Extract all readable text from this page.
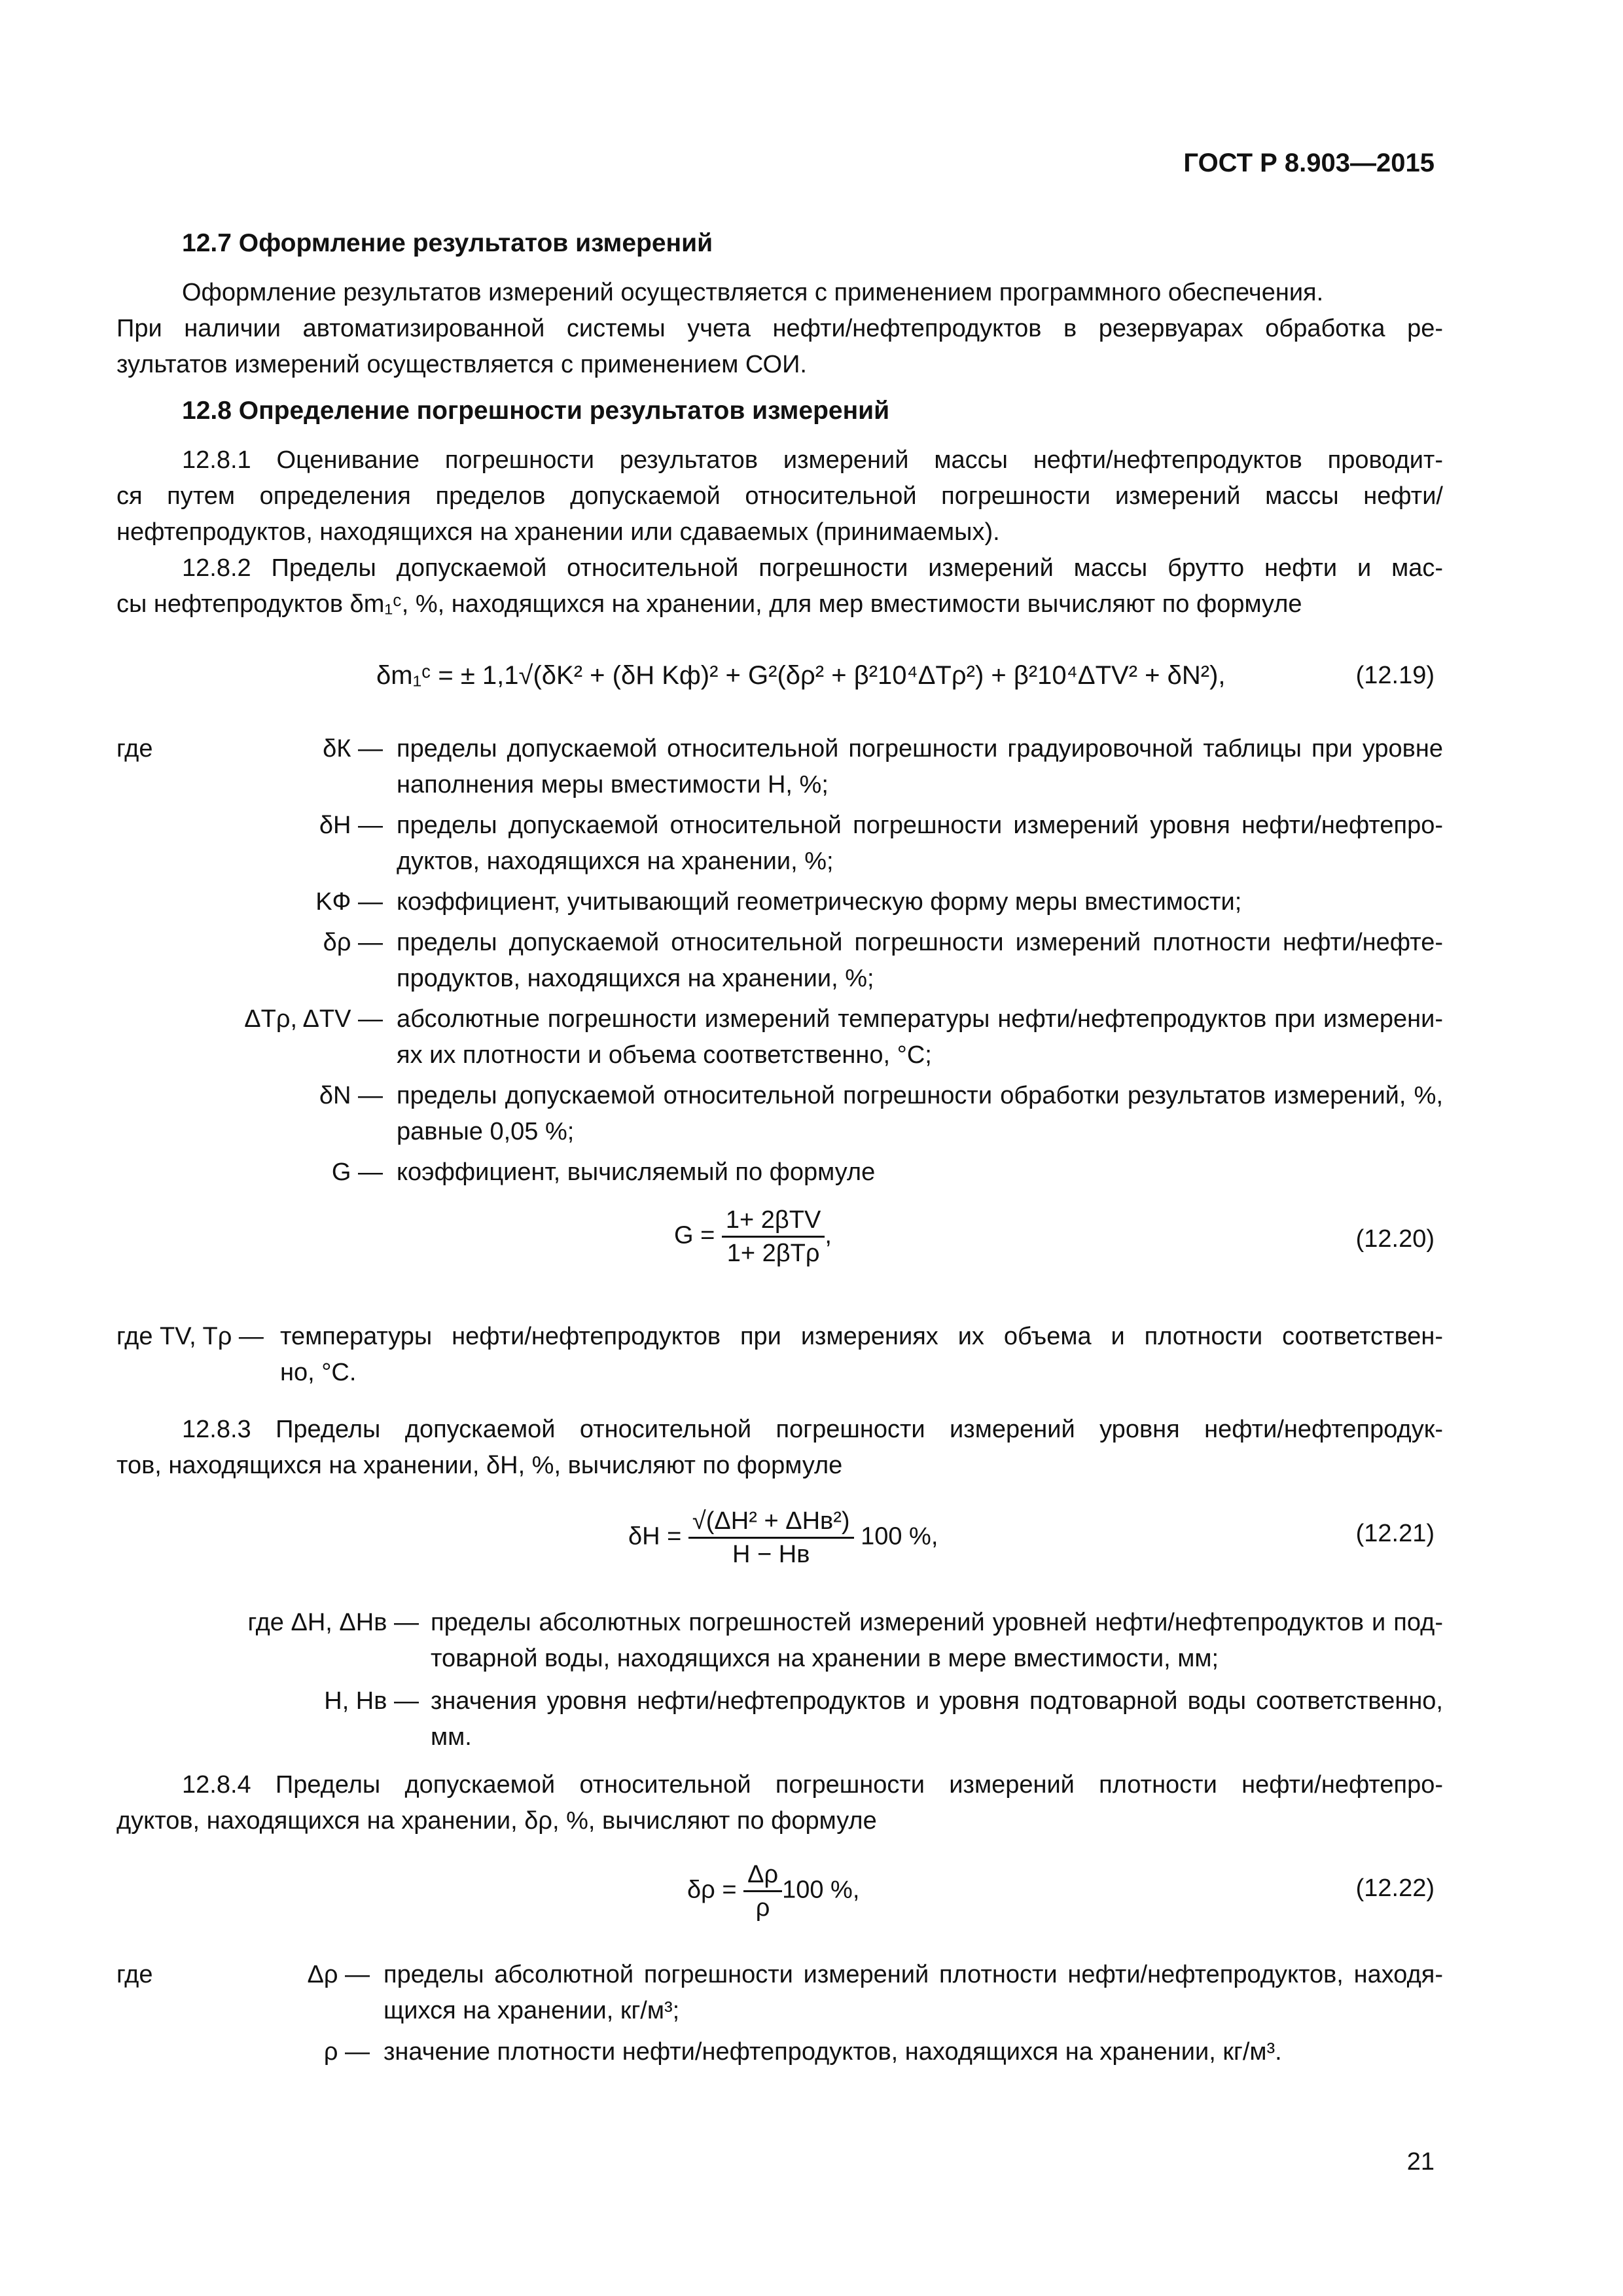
ГОСТ Р 8.903—2015
12.7 Оформление результатов измерений
Оформление результатов измерений осуществляется с применением программного обеспечения.
При наличии автоматизированной системы учета нефти/нефтепродуктов в резервуарах обработка ре-
зультатов измерений осуществляется с применением СОИ.
12.8 Определение погрешности результатов измерений
12.8.1 Оценивание погрешности результатов измерений массы нефти/нефтепродуктов проводит-
ся путем определения пределов допускаемой относительной погрешности измерений массы нефти/
нефтепродуктов, находящихся на хранении или сдаваемых (принимаемых).
12.8.2 Пределы допускаемой относительной погрешности измерений массы брутто нефти и мас-
сы нефтепродуктов δm₁ᶜ, %, находящихся на хранении, для мер вместимости вычисляют по формуле
δm₁ᶜ = ± 1,1√(δK² + (δН Kф)² + G²(δρ² + β²10⁴ΔTρ²) + β²10⁴ΔTV² + δN²),	(12.19)
где	δК — пределы допускаемой относительной погрешности градуировочной таблицы при уровне
наполнения меры вместимости H, %;
δН — пределы допускаемой относительной погрешности измерений уровня нефти/нефтепро-
дуктов, находящихся на хранении, %;
KФ — коэффициент, учитывающий геометрическую форму меры вместимости;
δρ — пределы допускаемой относительной погрешности измерений плотности нефти/нефте-
продуктов, находящихся на хранении, %;
ΔTρ, ΔTV — абсолютные погрешности измерений температуры нефти/нефтепродуктов при измерени-
ях их плотности и объема соответственно, °С;
δN — пределы допускаемой относительной погрешности обработки результатов измерений, %,
равные 0,05 %;
G — коэффициент, вычисляемый по формуле
$G = \frac{\text{1+ 2βTV}}{\text{1+ 2βTρ}}$ ,	(12.20)
где TV, Tρ — температуры нефти/нефтепродуктов при измерениях их объема и плотности соответствен-
но, °С.
12.8.3 Пределы допускаемой относительной погрешности измерений уровня нефти/нефтепродук-
тов, находящихся на хранении, δH, %, вычисляют по формуле
$\delta H = \frac{\text{√(ΔH² + ΔHв²)}}{H - Hв} 100$ %,	(12.21)
где ΔH, ΔHв — пределы абсолютных погрешностей измерений уровней нефти/нефтепродуктов и под-
товарной воды, находящихся на хранении в мере вместимости, мм;
H, Hв — значения уровня нефти/нефтепродуктов и уровня подтоварной воды соответственно,
мм.
12.8.4 Пределы допускаемой относительной погрешности измерений плотности нефти/нефтепро-
дуктов, находящихся на хранении, δρ, %, вычисляют по формуле
$\delta\rho = \frac{\Delta\rho}{\rho} 100$ %,	(12.22)
где	Δρ — пределы абсолютной погрешности измерений плотности нефти/нефтепродуктов, находя-
щихся на хранении, кг/м³;
ρ — значение плотности нефти/нефтепродуктов, находящихся на хранении, кг/м³.
21
